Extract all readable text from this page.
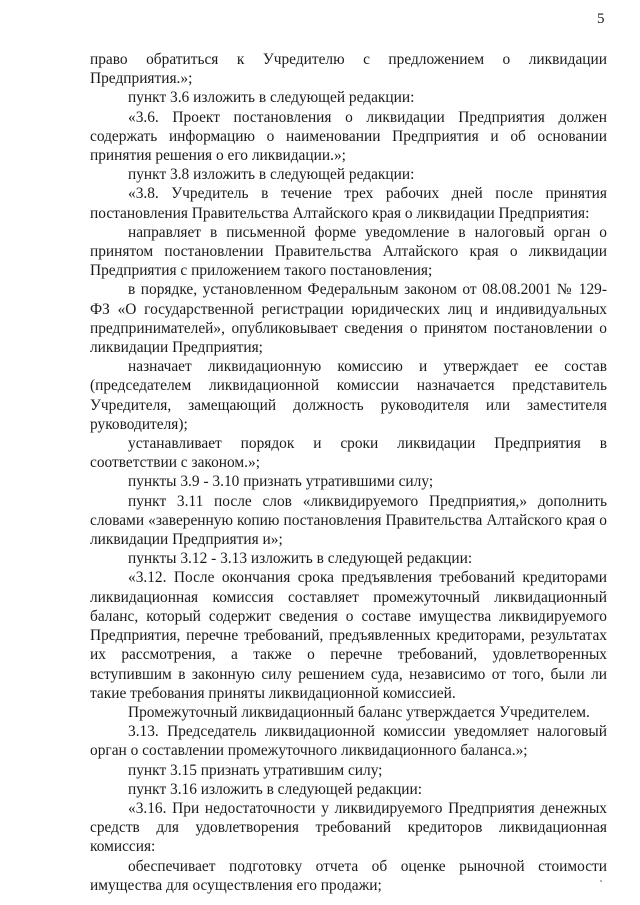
5

право обратиться к Учредителю с предложением о ликвидации Предприятия.»;

пункт 3.6 изложить в следующей редакции:

«3.6. Проект постановления о ликвидации Предприятия должен содержать информацию о наименовании Предприятия и об основании принятия решения о его ликвидации.»;

пункт 3.8 изложить в следующей редакции:

«3.8. Учредитель в течение трех рабочих дней после принятия постановления Правительства Алтайского края о ликвидации Предприятия:

направляет в письменной форме уведомление в налоговый орган о принятом постановлении Правительства Алтайского края о ликвидации Предприятия с приложением такого постановления;

в порядке, установленном Федеральным законом от 08.08.2001 № 129-ФЗ «О государственной регистрации юридических лиц и индивидуальных предпринимателей», опубликовывает сведения о принятом постановлении о ликвидации Предприятия;

назначает ликвидационную комиссию и утверждает ее состав (председателем ликвидационной комиссии назначается представитель Учредителя, замещающий должность руководителя или заместителя руководителя);

устанавливает порядок и сроки ликвидации Предприятия в соответствии с законом.»;

пункты 3.9 - 3.10 признать утратившими силу;

пункт 3.11 после слов «ликвидируемого Предприятия,» дополнить словами «заверенную копию постановления Правительства Алтайского края о ликвидации Предприятия и»;

пункты 3.12 - 3.13 изложить в следующей редакции:

«3.12. После окончания срока предъявления требований кредиторами ликвидационная комиссия составляет промежуточный ликвидационный баланс, который содержит сведения о составе имущества ликвидируемого Предприятия, перечне требований, предъявленных кредиторами, результатах их рассмотрения, а также о перечне требований, удовлетворенных вступившим в законную силу решением суда, независимо от того, были ли такие требования приняты ликвидационной комиссией.

Промежуточный ликвидационный баланс утверждается Учредителем.

3.13. Председатель ликвидационной комиссии уведомляет налоговый орган о составлении промежуточного ликвидационного баланса.»;

пункт 3.15 признать утратившим силу;

пункт 3.16 изложить в следующей редакции:

«3.16. При недостаточности у ликвидируемого Предприятия денежных средств для удовлетворения требований кредиторов ликвидационная комиссия:

обеспечивает подготовку отчета об оценке рыночной стоимости имущества для осуществления его продажи;
